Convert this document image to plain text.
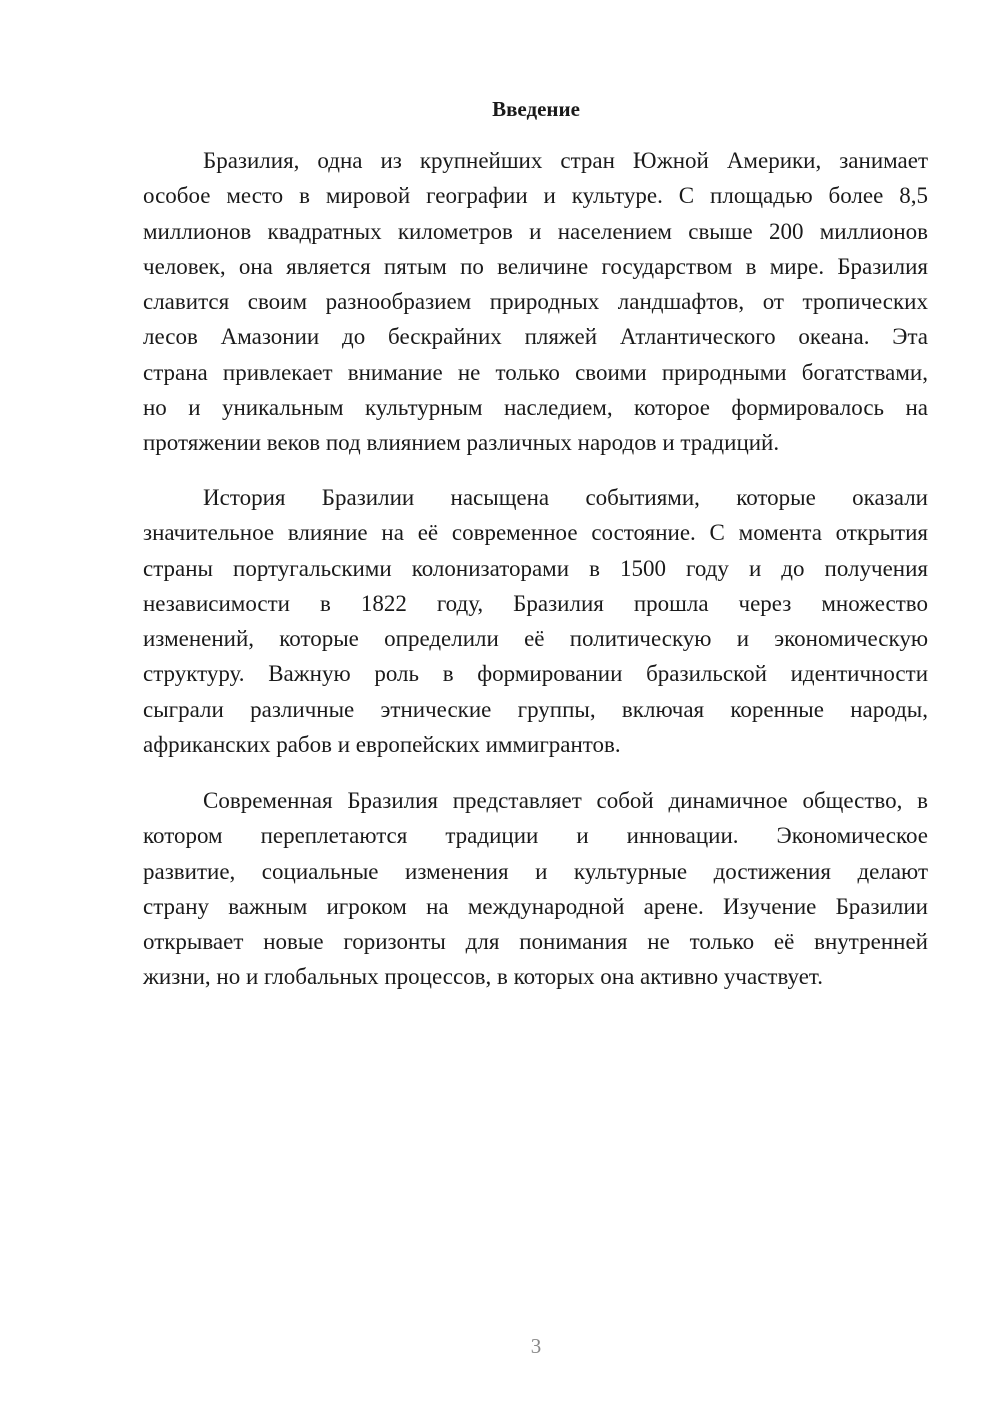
Введение
Бразилия, одна из крупнейших стран Южной Америки, занимает
особое место в мировой географии и культуре. С площадью более 8,5
миллионов квадратных километров и населением свыше 200 миллионов
человек, она является пятым по величине государством в мире. Бразилия
славится своим разнообразием природных ландшафтов, от тропических
лесов Амазонии до бескрайних пляжей Атлантического океана. Эта
страна привлекает внимание не только своими природными богатствами,
но и уникальным культурным наследием, которое формировалось на
протяжении веков под влиянием различных народов и традиций.
История Бразилии насыщена событиями, которые оказали
значительное влияние на её современное состояние. С момента открытия
страны португальскими колонизаторами в 1500 году и до получения
независимости в 1822 году, Бразилия прошла через множество
изменений, которые определили её политическую и экономическую
структуру. Важную роль в формировании бразильской идентичности
сыграли различные этнические группы, включая коренные народы,
африканских рабов и европейских иммигрантов.
Современная Бразилия представляет собой динамичное общество, в
котором переплетаются традиции и инновации. Экономическое
развитие, социальные изменения и культурные достижения делают
страну важным игроком на международной арене. Изучение Бразилии
открывает новые горизонты для понимания не только её внутренней
жизни, но и глобальных процессов, в которых она активно участвует.
3
